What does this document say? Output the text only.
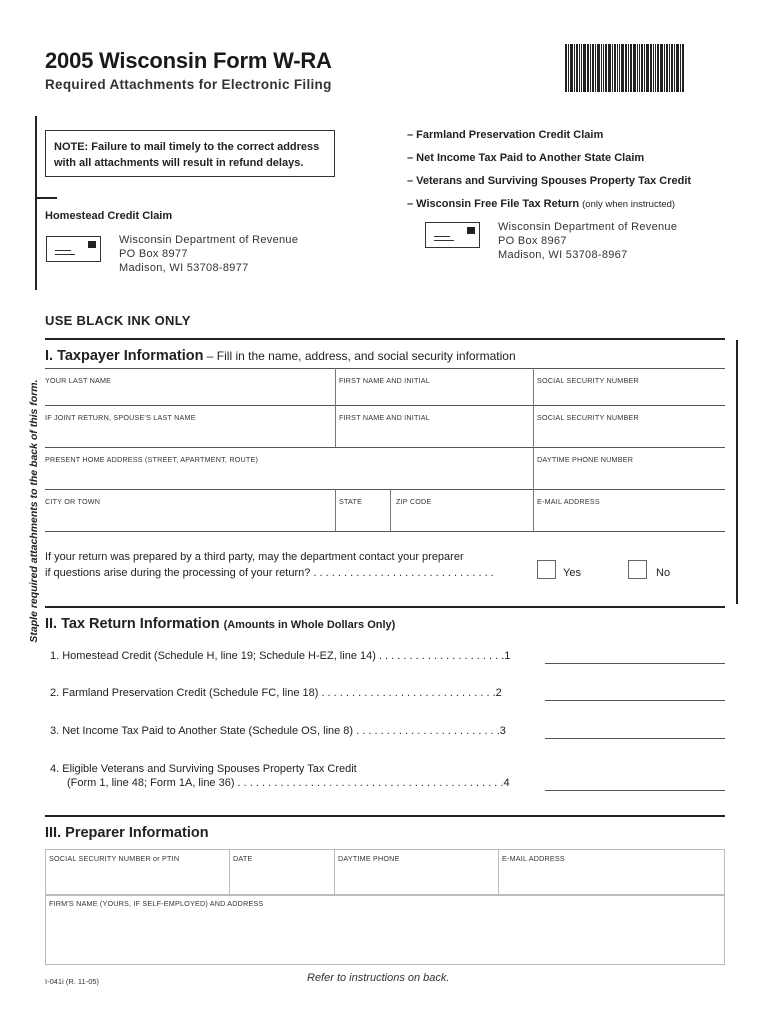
2005 Wisconsin Form W-RA
Required Attachments for Electronic Filing
NOTE: Failure to mail timely to the correct address
with all attachments will result in refund delays.
– Farmland Preservation Credit Claim
– Net Income Tax Paid to Another State Claim
– Veterans and Surviving Spouses Property Tax Credit
– Wisconsin Free File Tax Return (only when instructed)
Homestead Credit Claim
Wisconsin Department of Revenue
PO Box 8977
Madison, WI 53708-8977
Wisconsin Department of Revenue
PO Box 8967
Madison, WI 53708-8967
USE BLACK INK ONLY
Staple required attachments to the back of this form.
I. Taxpayer Information – Fill in the name, address, and social security information
YOUR LAST NAME	FIRST NAME AND INITIAL	SOCIAL SECURITY NUMBER
IF JOINT RETURN, SPOUSE'S LAST NAME	FIRST NAME AND INITIAL	SOCIAL SECURITY NUMBER
PRESENT HOME ADDRESS (STREET, APARTMENT, ROUTE)	DAYTIME PHONE NUMBER
CITY OR TOWN	STATE	ZIP CODE	E-MAIL ADDRESS
If your return was prepared by a third party, may the department contact your preparer
if questions arise during the processing of your return? . . . . . . . . . . . . . . . . . . . . . . . . . . . . . .	Yes	No
II. Tax Return Information (Amounts in Whole Dollars Only)
1. Homestead Credit (Schedule H, line 19; Schedule H-EZ, line 14) . . . . . . . . . . . . . . . . . . . . .1
2. Farmland Preservation Credit (Schedule FC, line 18) . . . . . . . . . . . . . . . . . . . . . . . . . . . . .2
3. Net Income Tax Paid to Another State (Schedule OS, line 8) . . . . . . . . . . . . . . . . . . . . . . . .3
4. Eligible Veterans and Surviving Spouses Property Tax Credit
(Form 1, line 48; Form 1A, line 36) . . . . . . . . . . . . . . . . . . . . . . . . . . . . . . . . . . . . . . . . . . . .4
III. Preparer Information
SOCIAL SECURITY NUMBER or PTIN	DATE	DAYTIME PHONE	E-MAIL ADDRESS
FIRM'S NAME (YOURS, IF SELF-EMPLOYED) AND ADDRESS
I-041i (R. 11-05)	Refer to instructions on back.
